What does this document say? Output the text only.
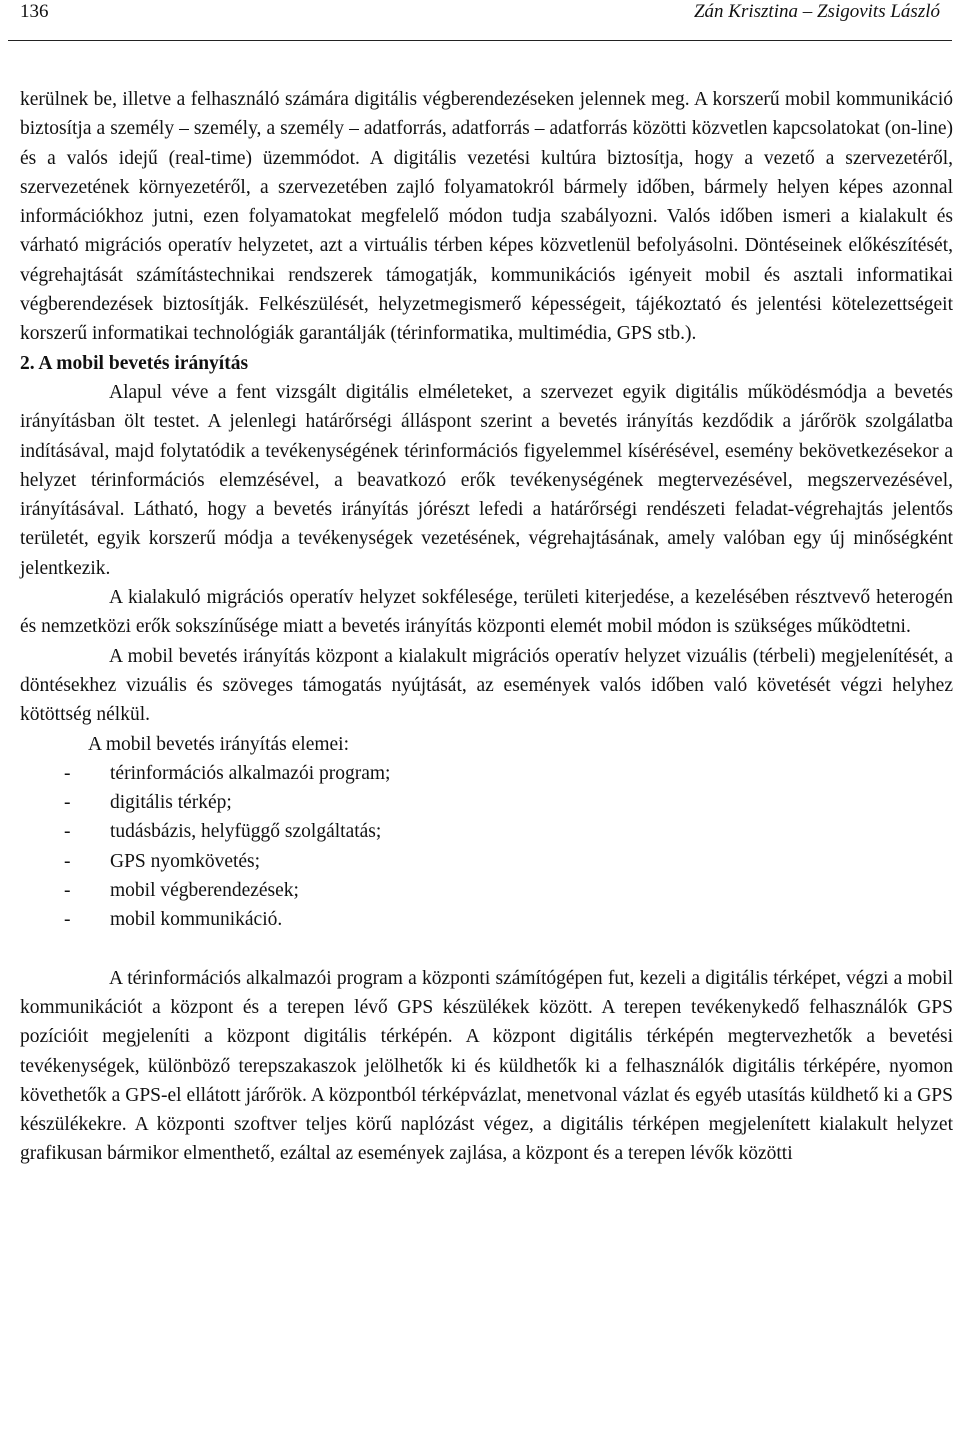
136	Zán Krisztina – Zsigovits László

kerülnek be, illetve a felhasználó számára digitális végberendezéseken jelennek meg. A korszerű mobil kommunikáció biztosítja a személy – személy, a személy – adatforrás, adatforrás – adatforrás közötti közvetlen kapcsolatokat (on-line) és a valós idejű (real-time) üzemmódot. A digitális vezetési kultúra biztosítja, hogy a vezető a szervezetéről, szervezetének környezetéről, a szervezetében zajló folyamatokról bármely időben, bármely helyen képes azonnal információkhoz jutni, ezen folyamatokat megfelelő módon tudja szabályozni. Valós időben ismeri a kialakult és várható migrációs operatív helyzetet, azt a virtuális térben képes közvetlenül befolyásolni. Döntéseinek előkészítését, végrehajtását számítástechnikai rendszerek támogatják, kommunikációs igényeit mobil és asztali informatikai végberendezések biztosítják. Felkészülését, helyzetmegismerő képességeit, tájékoztató és jelentési kötelezettségeit korszerű informatikai technológiák garantálják (térinformatika, multimédia, GPS stb.).

2. A mobil bevetés irányítás

Alapul véve a fent vizsgált digitális elméleteket, a szervezet egyik digitális működésmódja a bevetés irányításban ölt testet. A jelenlegi határőrségi álláspont szerint a bevetés irányítás kezdődik a járőrök szolgálatba indításával, majd folytatódik a tevékenységének térinformációs figyelemmel kísérésével, esemény bekövetkezésekor a helyzet térinformációs elemzésével, a beavatkozó erők tevékenységének megtervezésével, megszervezésével, irányításával. Látható, hogy a bevetés irányítás jórészt lefedi a határőrségi rendészeti feladat-végrehajtás jelentős területét, egyik korszerű módja a tevékenységek vezetésének, végrehajtásának, amely valóban egy új minőségként jelentkezik.

A kialakuló migrációs operatív helyzet sokfélesége, területi kiterjedése, a kezelésében résztvevő heterogén és nemzetközi erők sokszínűsége miatt a bevetés irányítás központi elemét mobil módon is szükséges működtetni.

A mobil bevetés irányítás központ a kialakult migrációs operatív helyzet vizuális (térbeli) megjelenítését, a döntésekhez vizuális és szöveges támogatás nyújtását, az események valós időben való követését végzi helyhez kötöttség nélkül.

A mobil bevetés irányítás elemei:

- térinformációs alkalmazói program;
- digitális térkép;
- tudásbázis, helyfüggő szolgáltatás;
- GPS nyomkövetés;
- mobil végberendezések;
- mobil kommunikáció.

A térinformációs alkalmazói program a központi számítógépen fut, kezeli a digitális térképet, végzi a mobil kommunikációt a központ és a terepen lévő GPS készülékek között. A terepen tevékenykedő felhasználók GPS pozícióit megjeleníti a központ digitális térképén. A központ digitális térképén megtervezhetők a bevetési tevékenységek, különböző terepszakaszok jelölhetők ki és küldhetők ki a felhasználók digitális térképére, nyomon követhetők a GPS-el ellátott járőrök. A központból térképvázlat, menetvonal vázlat és egyéb utasítás küldhető ki a GPS készülékekre. A központi szoftver teljes körű naplózást végez, a digitális térképen megjelenített kialakult helyzet grafikusan bármikor elmenthető, ezáltal az események zajlása, a központ és a terepen lévők közötti
